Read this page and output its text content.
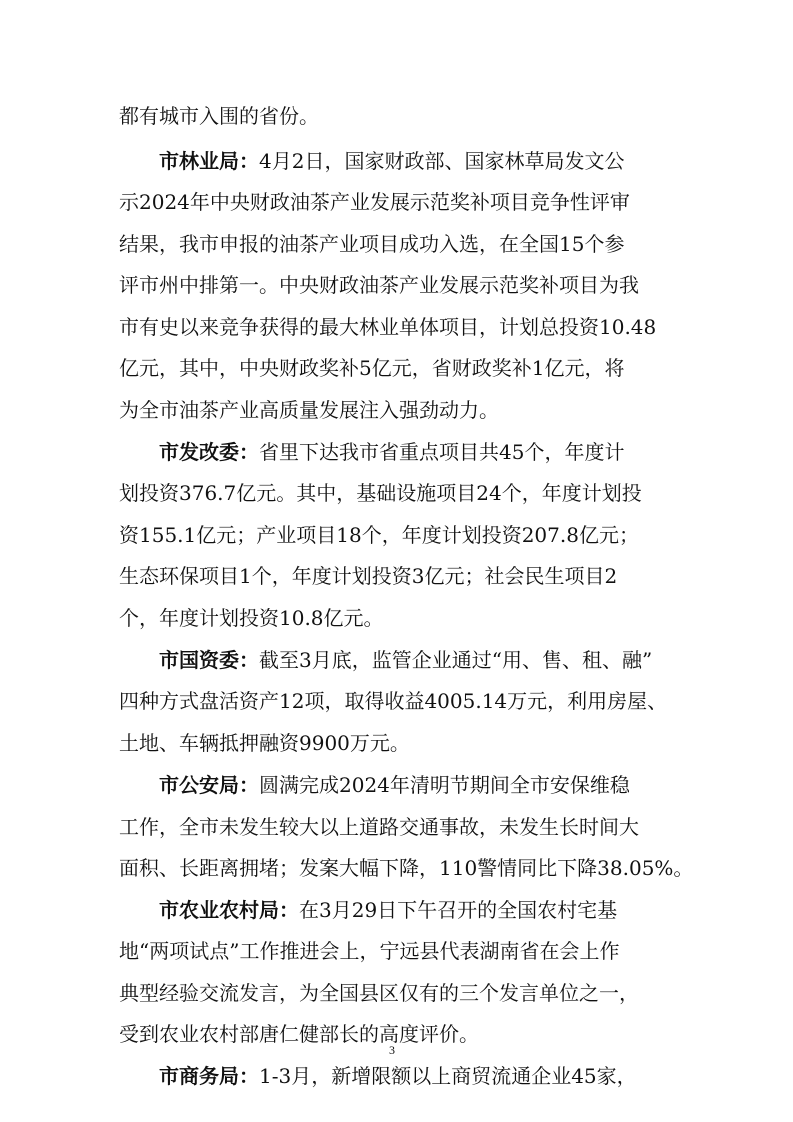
都有城市入围的省份。
市林业局：4月2日，国家财政部、国家林草局发文公
示2024年中央财政油茶产业发展示范奖补项目竞争性评审
结果，我市申报的油茶产业项目成功入选，在全国15个参
评市州中排第一。中央财政油茶产业发展示范奖补项目为我
市有史以来竞争获得的最大林业单体项目，计划总投资10.48
亿元，其中，中央财政奖补5亿元，省财政奖补1亿元，将
为全市油茶产业高质量发展注入强劲动力。
市发改委：省里下达我市省重点项目共45个，年度计
划投资376.7亿元。其中，基础设施项目24个，年度计划投
资155.1亿元；产业项目18个，年度计划投资207.8亿元；
生态环保项目1个，年度计划投资3亿元；社会民生项目2
个，年度计划投资10.8亿元。
市国资委：截至3月底，监管企业通过“用、售、租、融”
四种方式盘活资产12项，取得收益4005.14万元，利用房屋、
土地、车辆抵押融资9900万元。
市公安局：圆满完成2024年清明节期间全市安保维稳
工作，全市未发生较大以上道路交通事故，未发生长时间大
面积、长距离拥堵；发案大幅下降，110警情同比下降38.05%。
市农业农村局：在3月29日下午召开的全国农村宅基
地“两项试点”工作推进会上，宁远县代表湖南省在会上作
典型经验交流发言，为全国县区仅有的三个发言单位之一，
受到农业农村部唐仁健部长的高度评价。
市商务局：1-3月，新增限额以上商贸流通企业45家，
3
